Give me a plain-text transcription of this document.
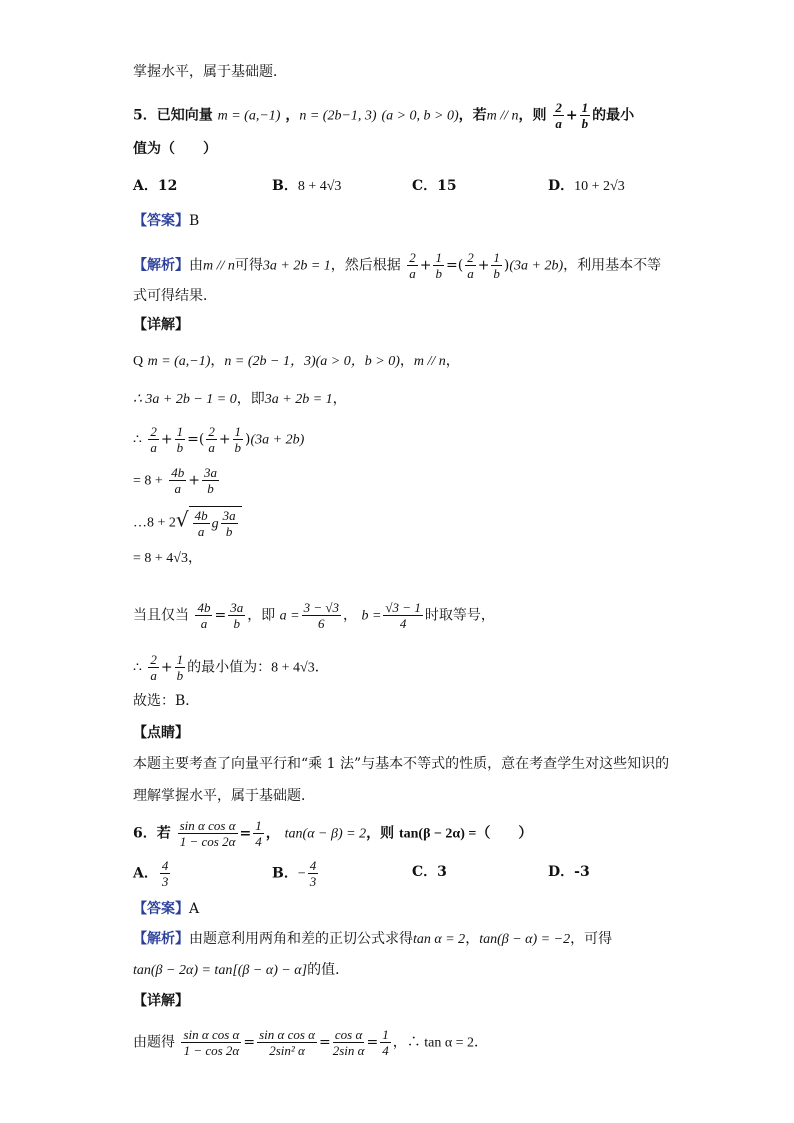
掌握水平，属于基础题．
5．已知向量 m = (a,−1) ，n = (2b−1, 3) (a > 0, b > 0)，若m // n，则 $\frac{2}{a} + \frac{1}{b}$ 的最小
值为（　　）
A．12	B．8 + 4√3	C．15	D．10 + 2√3
【答案】B
【解析】由m // n可得3a + 2b = 1，然后根据 $\frac{2}{a} + \frac{1}{b}$ =( $\frac{2}{a} + \frac{1}{b} )(3a + 2b)$，利用基本不等
式可得结果．
【详解】
Q m = (a,−1)，n = (2b − 1，3)(a > 0，b > 0)，m // n，
∴ 3a + 2b − 1 = 0，即3a + 2b = 1，
∴ $\frac{2}{a} + \frac{1}{b}$ =( $\frac{2}{a} + \frac{1}{b} )(3a + 2b)$
= $8 + \frac{4b}{a} + \frac{3a}{b}$
…8 + $2√ \frac{4b}{a}$ g $\frac{3a}{b}$
= 8 + 4√3，
当且仅当 $\frac{4b}{a} = \frac{3a}{b}$ ，即 $a = \frac{3 - √3}{6}$ ， $b = \frac{√3 - 1}{4}$ 时取等号，
∴ $\frac{2}{a} + \frac{1}{b}$ 的最小值为：8 + 4√3．
故选：B．
【点睛】
本题主要考查了向量平行和“乘 1 法”与基本不等式的性质，意在考查学生对这些知识的
理解掌握水平，属于基础题．
6．若 $\frac{\text{sin α cos α}}{1 - \cos 2\alpha} = \frac{1}{4}$ ， tan(α − β) = 2，则 tan(β − 2α) =（　　）
A． $\frac{4}{3}$	B．− $\frac{4}{3}$	C．3	D．-3
【答案】A
【解析】由题意利用两角和差的正切公式求得tan α = 2，tan(β − α) = −2，可得
tan(β − 2α) = tan[(β − α) − α]的值．
【详解】
由题得 $\frac{\text{sin α cos α}}{1 - \cos 2\alpha} = \frac{\text{sin α cos α}}{\text{2sin² α}} = \frac{\text{cos α}}{\text{2sin α}} = \frac{1}{4}$ ，∴ tan α = 2．
